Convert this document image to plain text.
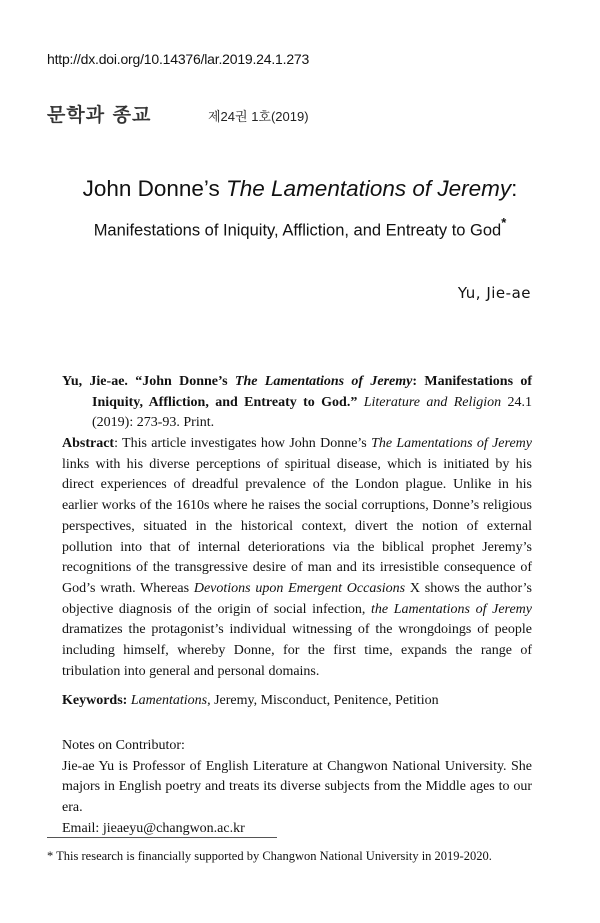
http://dx.doi.org/10.14376/lar.2019.24.1.273
문학과 종교	제24권 1호(2019)
John Donne’s The Lamentations of Jeremy:
Manifestations of Iniquity, Affliction, and Entreaty to God*
Yu, Jie-ae
Yu, Jie-ae. “John Donne’s The Lamentations of Jeremy: Manifestations of Iniquity, Affliction, and Entreaty to God.” Literature and Religion 24.1 (2019): 273-93. Print.
Abstract: This article investigates how John Donne’s The Lamentations of Jeremy links with his diverse perceptions of spiritual disease, which is initiated by his direct experiences of dreadful prevalence of the London plague. Unlike in his earlier works of the 1610s where he raises the social corruptions, Donne’s religious perspectives, situated in the historical context, divert the notion of external pollution into that of internal deteriorations via the biblical prophet Jeremy’s recognitions of the transgressive desire of man and its irresistible consequence of God’s wrath. Whereas Devotions upon Emergent Occasions X shows the author’s objective diagnosis of the origin of social infection, the Lamentations of Jeremy dramatizes the protagonist’s individual witnessing of the wrongdoings of people including himself, whereby Donne, for the first time, expands the range of tribulation into general and personal domains.
Keywords: Lamentations, Jeremy, Misconduct, Penitence, Petition

Notes on Contributor:

Jie-ae Yu is Professor of English Literature at Changwon National University. She majors in English poetry and treats its diverse subjects from the Middle ages to our era.

Email: jieaeyu@changwon.ac.kr

* This research is financially supported by Changwon National University in 2019-2020.
